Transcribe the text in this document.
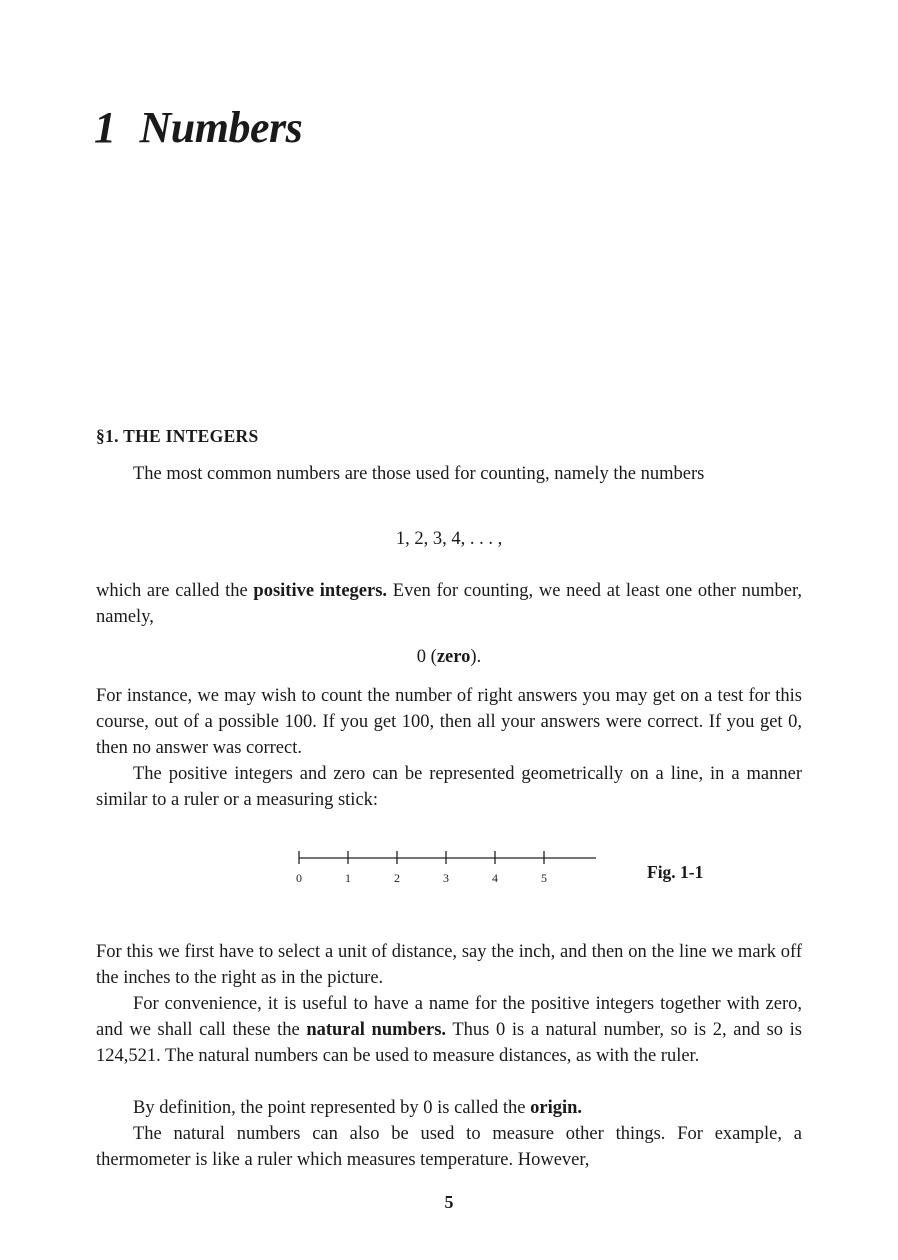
1 Numbers
§1. THE INTEGERS

The most common numbers are those used for counting, namely the numbers

1, 2, 3, 4, . . . ,

which are called the positive integers. Even for counting, we need at least one other number, namely,

0 (zero).

For instance, we may wish to count the number of right answers you may get on a test for this course, out of a possible 100. If you get 100, then all your answers were correct. If you get 0, then no answer was correct.

The positive integers and zero can be represented geometrically on a line, in a manner similar to a ruler or a measuring stick:

0	1	2	3	4	5	Fig. 1-1

For this we first have to select a unit of distance, say the inch, and then on the line we mark off the inches to the right as in the picture.

For convenience, it is useful to have a name for the positive integers together with zero, and we shall call these the natural numbers. Thus 0 is a natural number, so is 2, and so is 124,521. The natural numbers can be used to measure distances, as with the ruler.

By definition, the point represented by 0 is called the origin.

The natural numbers can also be used to measure other things. For example, a thermometer is like a ruler which measures temperature. However,

5
